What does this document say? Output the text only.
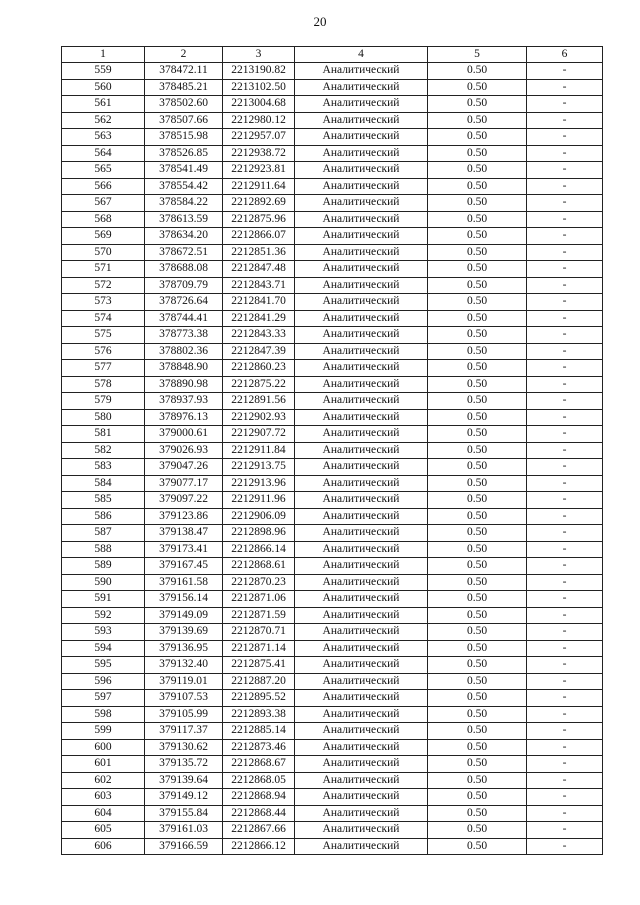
20
1	2	3	4	5	6
559	378472.11	2213190.82	Аналитический	0.50	-
560	378485.21	2213102.50	Аналитический	0.50	-
561	378502.60	2213004.68	Аналитический	0.50	-
562	378507.66	2212980.12	Аналитический	0.50	-
563	378515.98	2212957.07	Аналитический	0.50	-
564	378526.85	2212938.72	Аналитический	0.50	-
565	378541.49	2212923.81	Аналитический	0.50	-
566	378554.42	2212911.64	Аналитический	0.50	-
567	378584.22	2212892.69	Аналитический	0.50	-
568	378613.59	2212875.96	Аналитический	0.50	-
569	378634.20	2212866.07	Аналитический	0.50	-
570	378672.51	2212851.36	Аналитический	0.50	-
571	378688.08	2212847.48	Аналитический	0.50	-
572	378709.79	2212843.71	Аналитический	0.50	-
573	378726.64	2212841.70	Аналитический	0.50	-
574	378744.41	2212841.29	Аналитический	0.50	-
575	378773.38	2212843.33	Аналитический	0.50	-
576	378802.36	2212847.39	Аналитический	0.50	-
577	378848.90	2212860.23	Аналитический	0.50	-
578	378890.98	2212875.22	Аналитический	0.50	-
579	378937.93	2212891.56	Аналитический	0.50	-
580	378976.13	2212902.93	Аналитический	0.50	-
581	379000.61	2212907.72	Аналитический	0.50	-
582	379026.93	2212911.84	Аналитический	0.50	-
583	379047.26	2212913.75	Аналитический	0.50	-
584	379077.17	2212913.96	Аналитический	0.50	-
585	379097.22	2212911.96	Аналитический	0.50	-
586	379123.86	2212906.09	Аналитический	0.50	-
587	379138.47	2212898.96	Аналитический	0.50	-
588	379173.41	2212866.14	Аналитический	0.50	-
589	379167.45	2212868.61	Аналитический	0.50	-
590	379161.58	2212870.23	Аналитический	0.50	-
591	379156.14	2212871.06	Аналитический	0.50	-
592	379149.09	2212871.59	Аналитический	0.50	-
593	379139.69	2212870.71	Аналитический	0.50	-
594	379136.95	2212871.14	Аналитический	0.50	-
595	379132.40	2212875.41	Аналитический	0.50	-
596	379119.01	2212887.20	Аналитический	0.50	-
597	379107.53	2212895.52	Аналитический	0.50	-
598	379105.99	2212893.38	Аналитический	0.50	-
599	379117.37	2212885.14	Аналитический	0.50	-
600	379130.62	2212873.46	Аналитический	0.50	-
601	379135.72	2212868.67	Аналитический	0.50	-
602	379139.64	2212868.05	Аналитический	0.50	-
603	379149.12	2212868.94	Аналитический	0.50	-
604	379155.84	2212868.44	Аналитический	0.50	-
605	379161.03	2212867.66	Аналитический	0.50	-
606	379166.59	2212866.12	Аналитический	0.50	-
